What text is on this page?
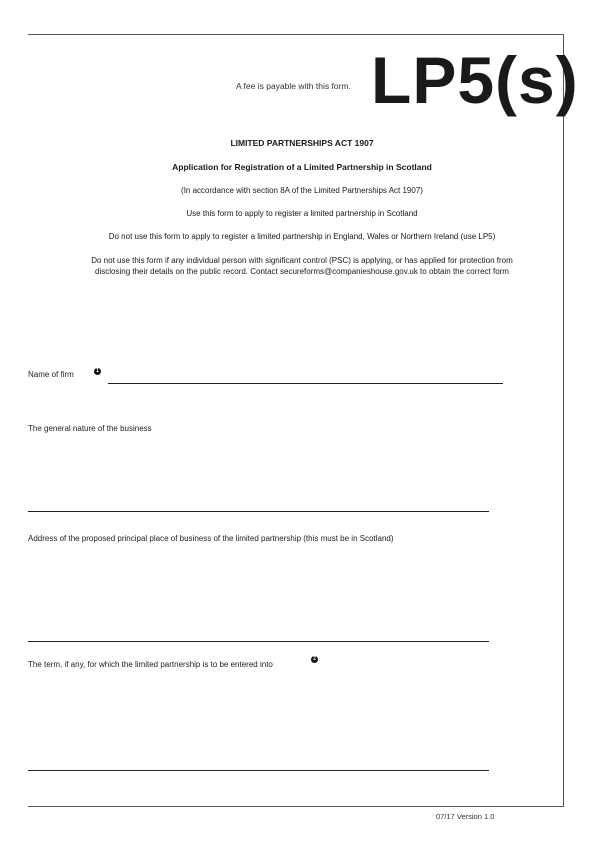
A fee is payable with this form. LP5(s)

LIMITED PARTNERSHIPS ACT 1907

Application for Registration of a Limited Partnership in Scotland

(In accordance with section 8A of the Limited Partnerships Act 1907)

Use this form to apply to register a limited partnership in Scotland

Do not use this form to apply to register a limited partnership in England, Wales or Northern Ireland (use LP5)

Do not use this form if any individual person with significant control (PSC) is applying, or has applied for protection from disclosing their details on the public record. Contact secureforms@companieshouse.gov.uk to obtain the correct form

Name of firm	1
The general nature of the business
Address of the proposed principal place of business of the limited partnership (this must be in Scotland)
The term, if any, for which the limited partnership is to be entered into
2
07/17 Version 1.0
